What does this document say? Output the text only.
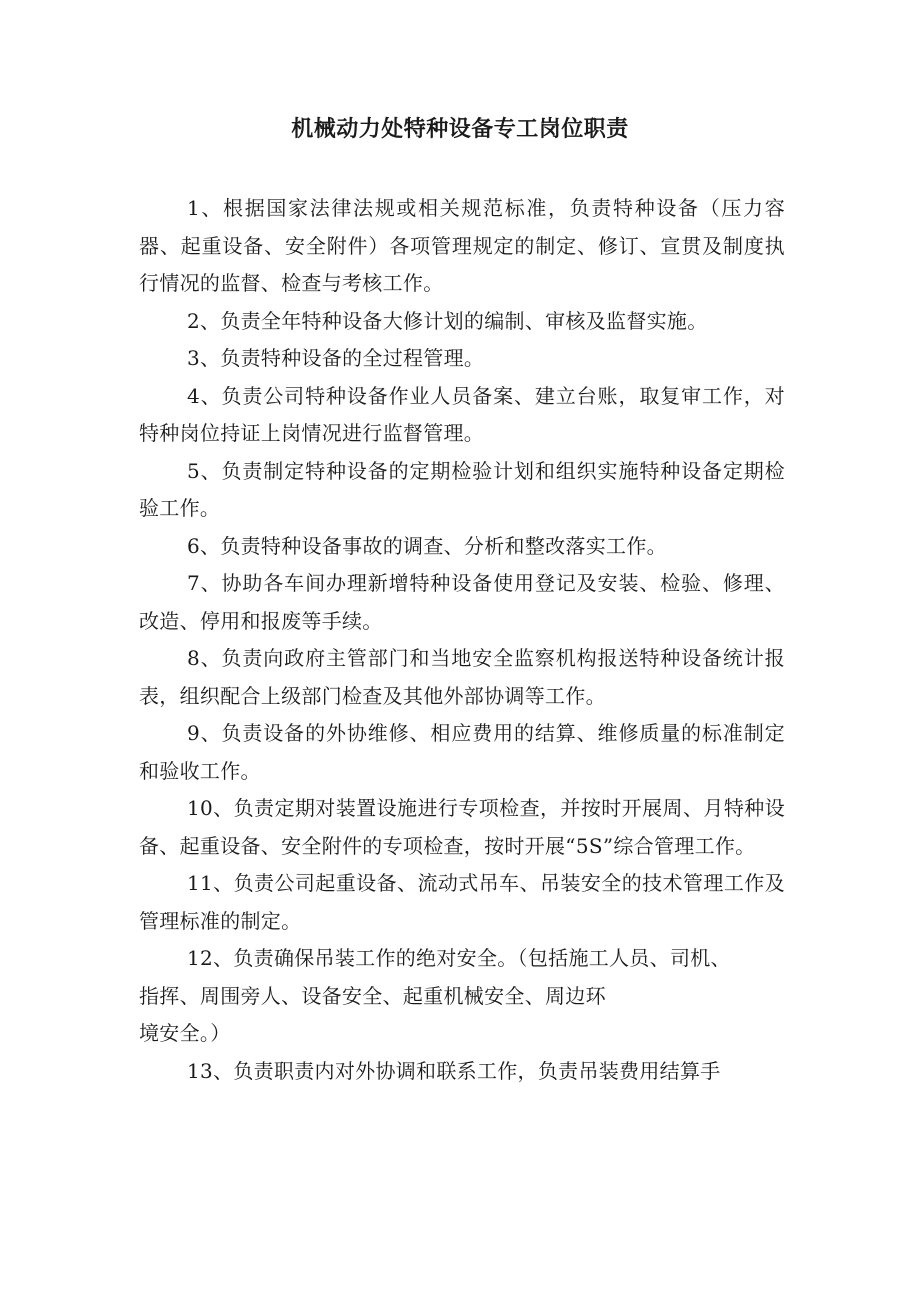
机械动力处特种设备专工岗位职责

1、根据国家法律法规或相关规范标准，负责特种设备（压力容器、起重设备、安全附件）各项管理规定的制定、修订、宣贯及制度执行情况的监督、检查与考核工作。

2、负责全年特种设备大修计划的编制、审核及监督实施。

3、负责特种设备的全过程管理。

4、负责公司特种设备作业人员备案、建立台账，取复审工作，对特种岗位持证上岗情况进行监督管理。

5、负责制定特种设备的定期检验计划和组织实施特种设备定期检验工作。

6、负责特种设备事故的调查、分析和整改落实工作。

7、协助各车间办理新增特种设备使用登记及安装、检验、修理、改造、停用和报废等手续。

8、负责向政府主管部门和当地安全监察机构报送特种设备统计报表，组织配合上级部门检查及其他外部协调等工作。

9、负责设备的外协维修、相应费用的结算、维修质量的标准制定和验收工作。

10、负责定期对装置设施进行专项检查，并按时开展周、月特种设备、起重设备、安全附件的专项检查，按时开展“5S”综合管理工作。

11、负责公司起重设备、流动式吊车、吊装安全的技术管理工作及管理标准的制定。

12、负责确保吊装工作的绝对安全。（包括施工人员、司机、
指挥、周围旁人、设备安全、起重机械安全、周边环
境安全。）

13、负责职责内对外协调和联系工作，负责吊装费用结算手
